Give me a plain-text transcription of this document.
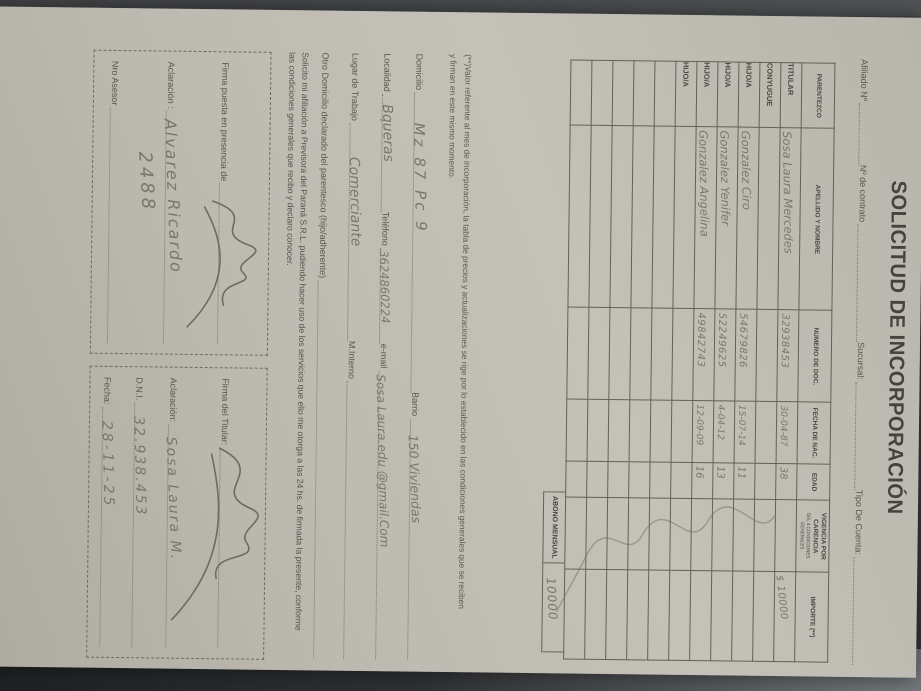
SOLICITUD DE INCORPORACIÓN
Afiliado Nº
Nº de contrato
Sucursal:
Tipo De Cuenta:
PARENTEZCO	APELLIDO Y NOMBRE	NUMERO DE DOC.	FECHA DE NAC.	EDAD	VIGENCIA POR CARENCIA
DEL 4 CONDICIONES GENERALES	IMPORTE (**)
TITULAR	Sosa Laura Mercedes	32938453	30-04-87	38		$ 10000

CONYUGUE						
HIJO/A	Gonzalez Ciro	54679826	15-07-14	11		

HIJO/A	Gonzalez Yenifer	52249625	4-04-12	13		

HIJO/A	Gonzalez Angelina	49842743	12-09-09	16		

HIJO/A						

ABONO MENSUAL
10000
(**)Valor referente al mes de incorporación, la tabla de precios y actualizaciones se rige por lo establecido en las condiciones generales que se reciben
y firman en este mismo momento.
Domicilio
Mz 87 Pc 9
Barrio
150 Viviendas
Localidad
Bqueras
Teléfono
3624860224
e-mail
Sosa Laura.edu @gmail.Com
Lugar de Trabajo
Comerciante
M.Interno
Otro Domicilio declarado del parentesco (hijo/adherente)
Solicito mi afiliación a Previsora del Paraná S.R.L. pudiendo hacer uso de los servicios que ello me otorga a las 24 hs. de firmada la presente, conforme
las condiciones generales que recibo y declaro conocer.
Firma puesta en presencia de
Aclaración :
Alvarez Ricardo
2488
Nro Asesor
Firma del Titular:
Aclaración:
Sosa Laura M.
D.N.I.
32.938.453
Fecha:
28-11-25
